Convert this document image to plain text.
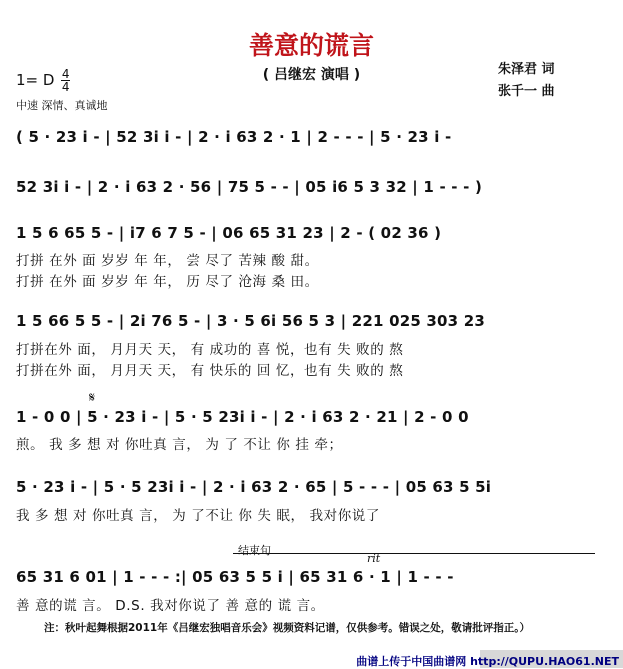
善意的谎言
( 吕继宏 演唱 )	朱泽君 词
张千一 曲
1= D $\frac{4}{4}$
中速 深情、真诚地
( 5 · 23 i - | 52 3i i - | 2 · i 63 2 · 1 | 2 - - - | 5 · 23 i -
52 3i i - | 2 · i 63 2 · 56 | 75 5 - - | 05 i6 5 3 32 | 1 - - - )
1 5 6 65 5 - | i7 6 7 5 - | 06 65 31 23 | 2 - ( 02 36 )
打拼 在外 面 岁岁 年 年， 尝 尽了 苦辣 酸 甜。
打拼 在外 面 岁岁 年 年， 历 尽了 沧海 桑 田。
1 5 66 5 5 - | 2i 76 5 - | 3 · 5 6i 56 5 3 | 221 025 303 23
打拼在外 面， 月月天 天， 有 成功的 喜 悦，也有 失 败的 熬
打拼在外 面， 月月天 天， 有 快乐的 回 忆，也有 失 败的 熬
𝄋
1 - 0 0 | 5 · 23 i - | 5 · 5 23i i - | 2 · i 63 2 · 21 | 2 - 0 0
煎。 我 多 想 对 你吐真 言， 为 了 不让 你 挂 牵；
5 · 23 i - | 5 · 5 23i i - | 2 · i 63 2 · 65 | 5 - - - | 05 63 5 5i
我 多 想 对 你吐真 言， 为 了不让 你 失 眠， 我对你说了
结束句
rit
65 31 6 01 | 1 - - - :| 05 63 5 5 i | 65 31 6 · 1 | 1 - - -
善 意的谎 言。 D.S. 我对你说了 善 意的 谎 言。
注：秋叶起舞根据2011年《吕继宏独唱音乐会》视频资料记谱，仅供参考。错误之处，敬请批评指正。）
曲谱上传于中国曲谱网 http://QUPU.HAO61.NET
